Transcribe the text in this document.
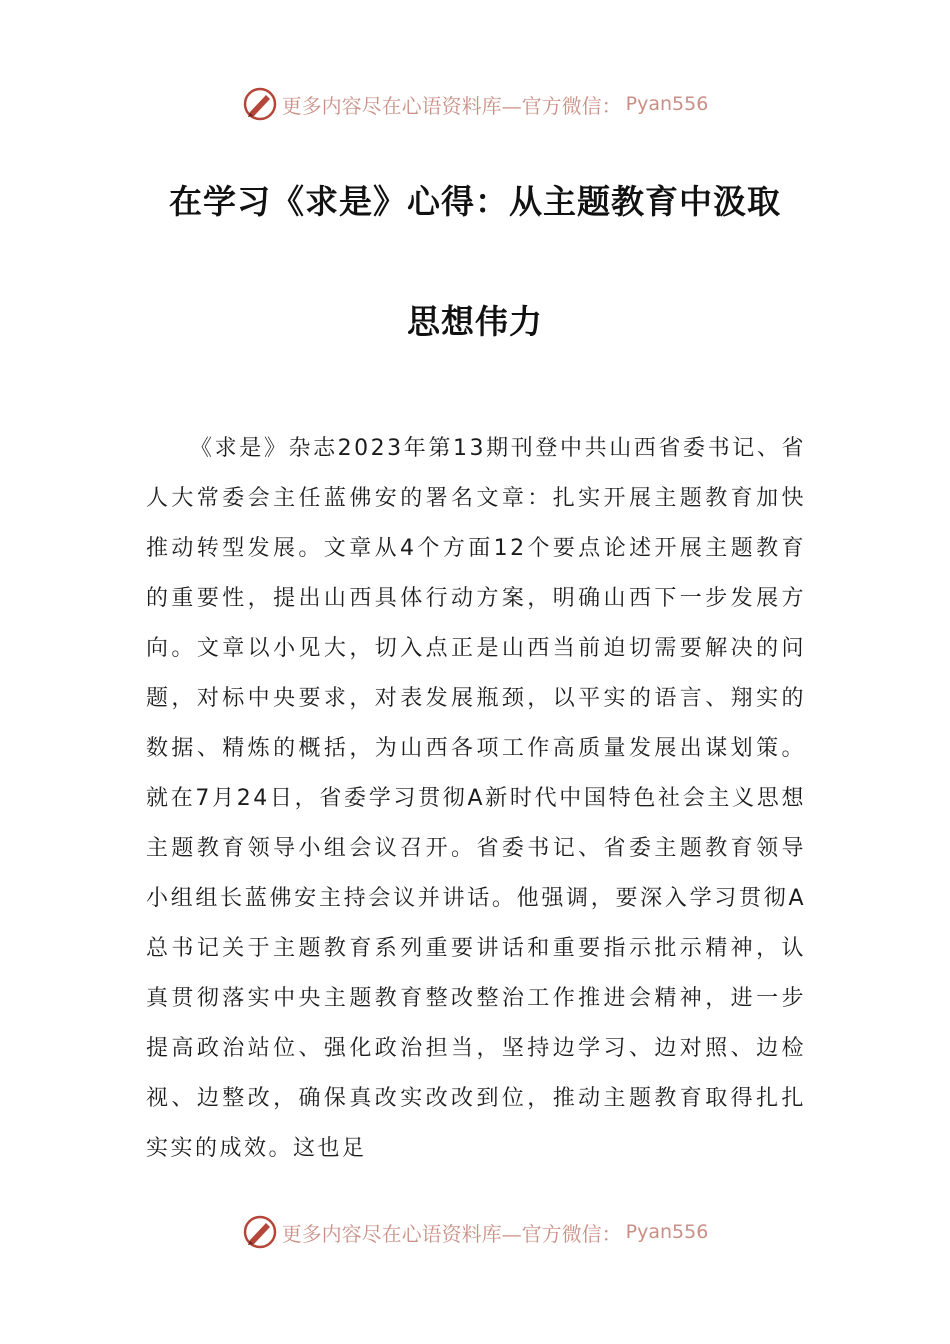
更多内容尽在心语资料库—官方微信： Pyan556
在学习《求是》心得：从主题教育中汲取
思想伟力

《求是》杂志2023年第13期刊登中共山西省委书记、省人大常委会主任蓝佛安的署名文章：扎实开展主题教育加快推动转型发展。文章从4个方面12个要点论述开展主题教育的重要性，提出山西具体行动方案，明确山西下一步发展方向。文章以小见大，切入点正是山西当前迫切需要解决的问题，对标中央要求，对表发展瓶颈，以平实的语言、翔实的数据、精炼的概括，为山西各项工作高质量发展出谋划策。就在7月24日，省委学习贯彻A新时代中国特色社会主义思想主题教育领导小组会议召开。省委书记、省委主题教育领导小组组长蓝佛安主持会议并讲话。他强调，要深入学习贯彻A总书记关于主题教育系列重要讲话和重要指示批示精神，认真贯彻落实中央主题教育整改整治工作推进会精神，进一步提高政治站位、强化政治担当，坚持边学习、边对照、边检视、边整改，确保真改实改改到位，推动主题教育取得扎扎实实的成效。这也足

更多内容尽在心语资料库—官方微信： Pyan556
